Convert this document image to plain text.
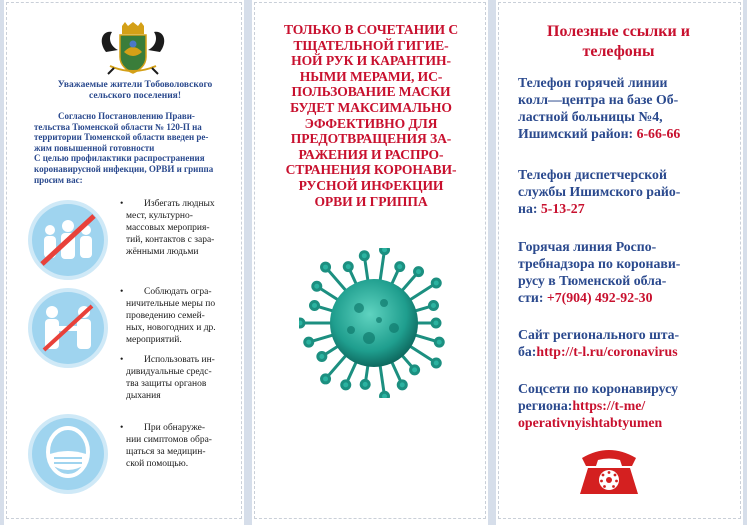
Уважаемые жители Тобоволовского
сельского поселения!
Согласно Постановлению Прави-
тельства Тюменской области № 120-П на
территории Тюменской области введен ре-
жим повышенной готовности
С целью профилактики распространения
коронавирусной инфекции, ОРВИ и гриппа
просим вас:
•	Избегать людных
мест, культурно-
массовых мероприя-
тий, контактов с зара-
жёнными людьми
•	Соблюдать огра-
ничительные меры по
проведению семей-
ных, новогодних и др.
мероприятий.
•	Использовать ин-
дивидуальные средс-
тва защиты органов
дыхания
•	При обнаруже-
нии симптомов обра-
щаться за медицин-
ской помощью.
ТОЛЬКО В СОЧЕТАНИИ С
ТЩАТЕЛЬНОЙ ГИГИЕ-
НОЙ РУК И КАРАНТИН-
НЫМИ МЕРАМИ, ИС-
ПОЛЬЗОВАНИЕ МАСКИ
БУДЕТ МАКСИМАЛЬНО
ЭФФЕКТИВНО ДЛЯ
ПРЕДОТВРАЩЕНИЯ ЗА-
РАЖЕНИЯ И РАСПРО-
СТРАНЕНИЯ КОРОНАВИ-
РУСНОЙ ИНФЕКЦИИ
ОРВИ И ГРИППА
Полезные ссылки и
телефоны
Телефон горячей линии
колл—центра на базе Об-
ластной больницы №4,
Ишимский район: 6-66-66
Телефон диспетчерской
службы Ишимского райо-
на: 5-13-27
Горячая линия Роспо-
требнадзора по коронави-
русу в Тюменской обла-
сти: +7(904) 492-92-30
Сайт регионального шта-
ба:http://t-l.ru/coronavirus
Соцсети по коронавирусу
региона:https://t-me/
operativnyishtabtyumen
